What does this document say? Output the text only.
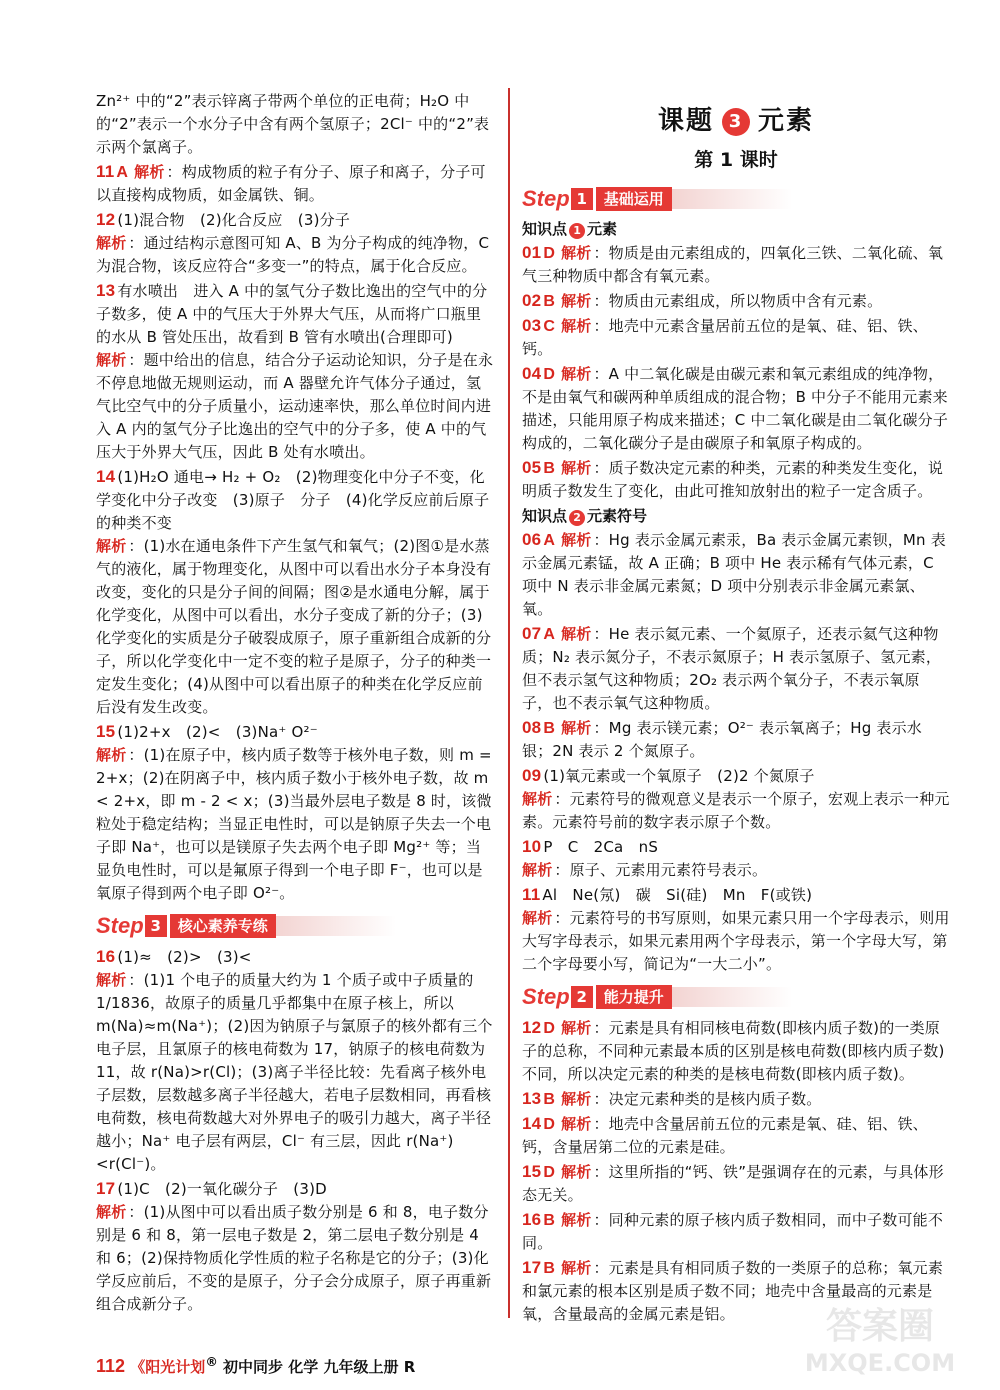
Zn²⁺ 中的“2”表示锌离子带两个单位的正电荷；H₂O 中的“2”表示一个水分子中含有两个氢原子；2Cl⁻ 中的“2”表示两个氯离子。

11 A 解析 ：构成物质的粒子有分子、原子和离子，分子可以直接构成物质，如金属铁、铜。

12 (1)混合物　(2)化合反应　(3)分子

解析 ：通过结构示意图可知 A、B 为分子构成的纯净物，C 为混合物，该反应符合“多变一”的特点，属于化合反应。

13 有水喷出　进入 A 中的氢气分子数比逸出的空气中的分子数多，使 A 中的气压大于外界大气压，从而将广口瓶里的水从 B 管处压出，故看到 B 管有水喷出(合理即可)

解析 ：题中给出的信息，结合分子运动论知识，分子是在永不停息地做无规则运动，而 A 器壁允许气体分子通过，氢气比空气中的分子质量小，运动速率快，那么单位时间内进入 A 内的氢气分子比逸出的空气中的分子多，使 A 中的气压大于外界大气压，因此 B 处有水喷出。

14 (1)H₂O 通电→ H₂ + O₂　(2)物理变化中分子不变，化学变化中分子改变　(3)原子　分子　(4)化学反应前后原子的种类不变

解析 ：(1)水在通电条件下产生氢气和氧气；(2)图①是水蒸气的液化，属于物理变化，从图中可以看出水分子本身没有改变，变化的只是分子间的间隔；图②是水通电分解，属于化学变化，从图中可以看出，水分子变成了新的分子；(3)化学变化的实质是分子破裂成原子，原子重新组合成新的分子，所以化学变化中一定不变的粒子是原子，分子的种类一定发生变化；(4)从图中可以看出原子的种类在化学反应前后没有发生改变。

15 (1)2+x　(2)<　(3)Na⁺ O²⁻

解析 ：(1)在原子中，核内质子数等于核外电子数，则 m = 2+x；(2)在阴离子中，核内质子数小于核外电子数，故 m < 2+x，即 m - 2 < x；(3)当最外层电子数是 8 时，该微粒处于稳定结构；当显正电性时，可以是钠原子失去一个电子即 Na⁺，也可以是镁原子失去两个电子即 Mg²⁺ 等；当显负电性时，可以是氟原子得到一个电子即 F⁻，也可以是氧原子得到两个电子即 O²⁻。

Step 3	核心素养专练

16 (1)≈　(2)>　(3)<

解析 ：(1)1 个电子的质量大约为 1 个质子或中子质量的 1/1836，故原子的质量几乎都集中在原子核上，所以 m(Na)≈m(Na⁺)；(2)因为钠原子与氯原子的核外都有三个电子层，且氯原子的核电荷数为 17，钠原子的核电荷数为 11，故 r(Na)>r(Cl)；(3)离子半径比较：先看离子核外电子层数，层数越多离子半径越大，若电子层数相同，再看核电荷数，核电荷数越大对外界电子的吸引力越大，离子半径越小；Na⁺ 电子层有两层，Cl⁻ 有三层，因此 r(Na⁺)<r(Cl⁻)。

17 (1)C　(2)一氧化碳分子　(3)D

解析 ：(1)从图中可以看出质子数分别是 6 和 8，电子数分别是 6 和 8，第一层电子数是 2，第二层电子数分别是 4 和 6；(2)保持物质化学性质的粒子名称是它的分子；(3)化学反应前后，不变的是原子，分子会分成原子，原子再重新组合成新分子。

课题 3 元素
第 1 课时
Step 1	基础运用
知识点 1 元素

01 D 解析 ：物质是由元素组成的，四氧化三铁、二氧化硫、氧气三种物质中都含有氧元素。

02 B 解析 ：物质由元素组成，所以物质中含有元素。

03 C 解析 ：地壳中元素含量居前五位的是氧、硅、铝、铁、钙。

04 D 解析 ：A 中二氧化碳是由碳元素和氧元素组成的纯净物，不是由氧气和碳两种单质组成的混合物；B 中分子不能用元素来描述，只能用原子构成来描述；C 中二氧化碳是由二氧化碳分子构成的，二氧化碳分子是由碳原子和氧原子构成的。

05 B 解析 ：质子数决定元素的种类，元素的种类发生变化，说明质子数发生了变化，由此可推知放射出的粒子一定含质子。

知识点 2 元素符号

06 A 解析 ：Hg 表示金属元素汞，Ba 表示金属元素钡，Mn 表示金属元素锰，故 A 正确；B 项中 He 表示稀有气体元素，C 项中 N 表示非金属元素氮；D 项中分别表示非金属元素氯、氧。

07 A 解析 ：He 表示氦元素、一个氦原子，还表示氦气这种物质；N₂ 表示氮分子，不表示氮原子；H 表示氢原子、氢元素，但不表示氢气这种物质；2O₂ 表示两个氧分子，不表示氧原子，也不表示氧气这种物质。

08 B 解析 ：Mg 表示镁元素；O²⁻ 表示氧离子；Hg 表示水银；2N 表示 2 个氮原子。

09 (1)氧元素或一个氧原子　(2)2 个氮原子

解析 ：元素符号的微观意义是表示一个原子，宏观上表示一种元素。元素符号前的数字表示原子个数。

10 P　C　2Ca　nS

解析 ：原子、元素用元素符号表示。

11 Al　Ne(氖)　碳　Si(硅)　Mn　F(或铁)

解析 ：元素符号的书写原则，如果元素只用一个字母表示，则用大写字母表示，如果元素用两个字母表示，第一个字母大写，第二个字母要小写，简记为“一大二小”。

Step 2	能力提升

12 D 解析 ：元素是具有相同核电荷数(即核内质子数)的一类原子的总称，不同种元素最本质的区别是核电荷数(即核内质子数)不同，所以决定元素的种类的是核电荷数(即核内质子数)。

13 B 解析 ：决定元素种类的是核内质子数。

14 D 解析 ：地壳中含量居前五位的元素是氧、硅、铝、铁、钙，含量居第二位的元素是硅。

15 D 解析 ：这里所指的“钙、铁”是强调存在的元素，与具体形态无关。

16 B 解析 ：同种元素的原子核内质子数相同，而中子数可能不同。

17 B 解析 ：元素是具有相同质子数的一类原子的总称；氧元素和氯元素的根本区别是质子数不同；地壳中含量最高的元素是氧，含量最高的金属元素是铝。

112 《阳光计划® 初中同步 化学 九年级上册 R
答案圈
MXQE.COM
